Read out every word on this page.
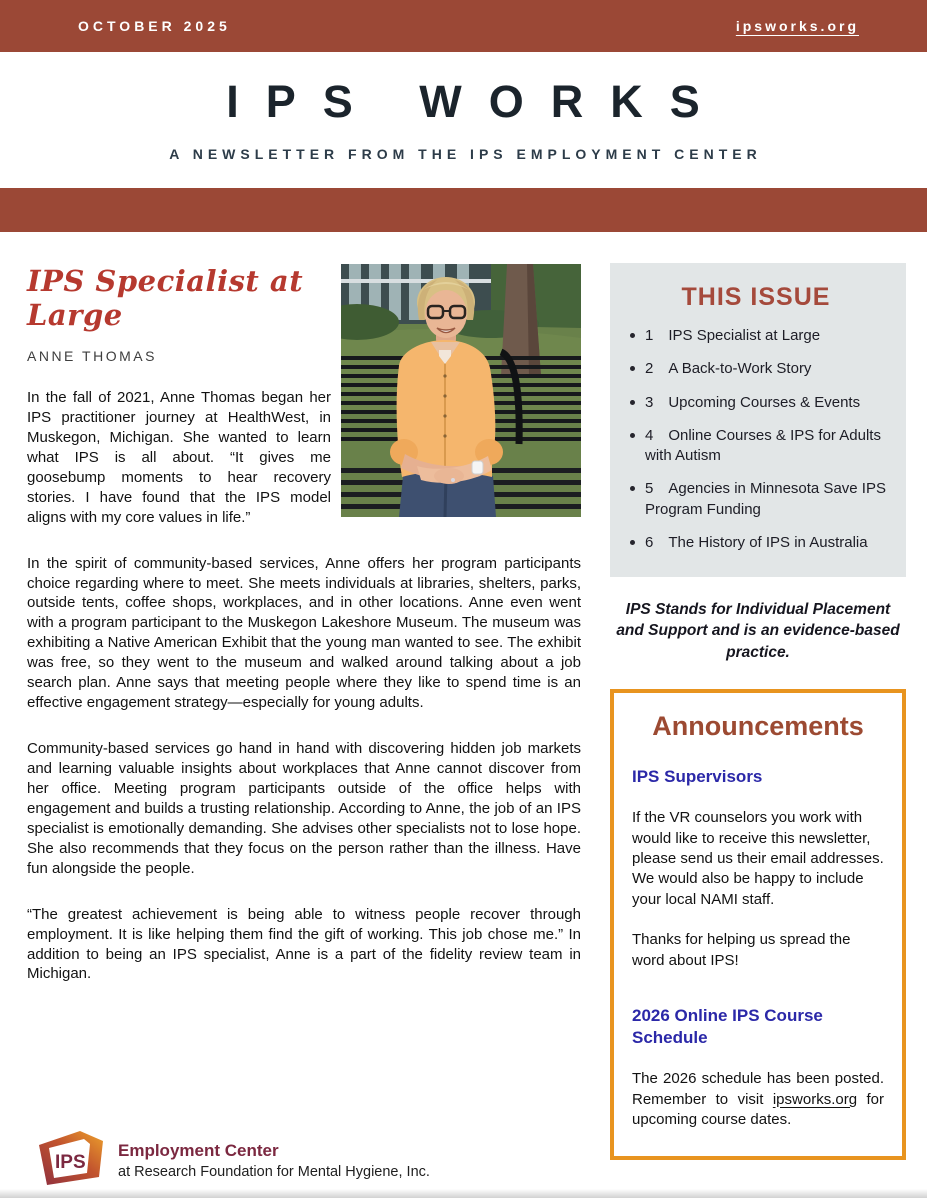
OCTOBER 2025	ipsworks.org
IPS WORKS
A NEWSLETTER FROM THE IPS EMPLOYMENT CENTER
IPS Specialist at Large
ANNE THOMAS

In the fall of 2021, Anne Thomas began her IPS practitioner journey at HealthWest, in Muskegon, Michigan. She wanted to learn what IPS is all about. “It gives me goosebump moments to hear recovery stories. I have found that the IPS model aligns with my core values in life.”

In the spirit of community-based services, Anne offers her program participants choice regarding where to meet. She meets individuals at libraries, shelters, parks, outside tents, coffee shops, workplaces, and in other locations. Anne even went with a program participant to the Muskegon Lakeshore Museum. The museum was exhibiting a Native American Exhibit that the young man wanted to see. The exhibit was free, so they went to the museum and walked around talking about a job search plan. Anne says that meeting people where they like to spend time is an effective engagement strategy—especially for young adults.

Community-based services go hand in hand with discovering hidden job markets and learning valuable insights about workplaces that Anne cannot discover from her office. Meeting program participants outside of the office helps with engagement and builds a trusting relationship. According to Anne, the job of an IPS specialist is emotionally demanding. She advises other specialists not to lose hope. She also recommends that they focus on the person rather than the illness. Have fun alongside the people.

“The greatest achievement is being able to witness people recover through employment. It is like helping them find the gift of working. This job chose me.” In addition to being an IPS specialist, Anne is a part of the fidelity review team in Michigan.

THIS ISSUE
1 IPS Specialist at Large
2 A Back-to-Work Story
3 Upcoming Courses & Events
4 Online Courses & IPS for Adults with Autism
5 Agencies in Minnesota Save IPS Program Funding
6 The History of IPS in Australia
IPS Stands for Individual Placement and Support and is an evidence-based practice.
Announcements
IPS Supervisors

If the VR counselors you work with would like to receive this newsletter, please send us their email addresses. We would also be happy to include your local NAMI staff.

Thanks for helping us spread the word about IPS!

2026 Online IPS Course Schedule

The 2026 schedule has been posted. Remember to visit ipsworks.org for upcoming course dates.

IPS
Employment Center
at Research Foundation for Mental Hygiene, Inc.
